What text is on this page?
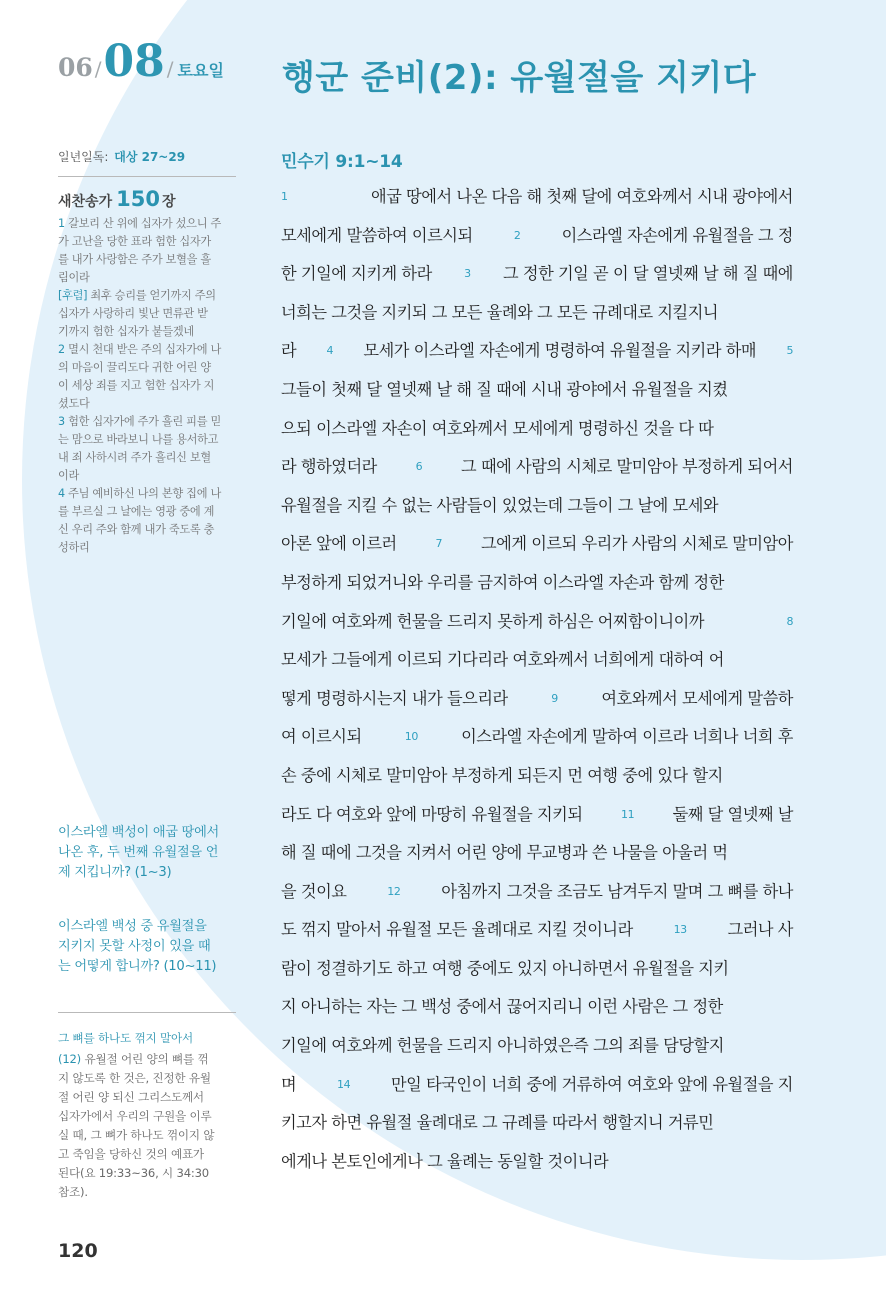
06 / 08 / 토요일 행군 준비(2): 유월절을 지키다
일년일독: 대상 27~29
새찬송가 150 장

1 갈보리 산 위에 십자가 섰으니 주

가 고난을 당한 표라 험한 십자가

를 내가 사랑함은 주가 보혈을 흘

림이라

[후렴] 최후 승리를 얻기까지 주의

십자가 사랑하리 빛난 면류관 받

기까지 험한 십자가 붙들겠네

2 멸시 천대 받은 주의 십자가에 나

의 마음이 끌리도다 귀한 어린 양

이 세상 죄를 지고 험한 십자가 지

셨도다

3 험한 십자가에 주가 흘린 피를 믿

는 맘으로 바라보니 나를 용서하고

내 죄 사하시려 주가 흘리신 보혈

이라

4 주님 예비하신 나의 본향 집에 나

를 부르실 그 날에는 영광 중에 계

신 우리 주와 함께 내가 죽도록 충

성하리

이스라엘 백성이 애굽 땅에서
나온 후, 두 번째 유월절을 언
제 지킵니까? (1~3)
이스라엘 백성 중 유월절을
지키지 못할 사정이 있을 때
는 어떻게 합니까? (10~11)
그 뼈를 하나도 꺾지 말아서
(12) 유월절 어린 양의 뼈를 꺾
지 않도록 한 것은, 진정한 유월
절 어린 양 되신 그리스도께서
십자가에서 우리의 구원을 이루
실 때, 그 뼈가 하나도 꺾이지 않
고 죽임을 당하신 것의 예표가
된다(요 19:33~36, 시 34:30
참조).
120
민수기 9:1~14
1	애굽 땅에서 나온 다음 해 첫째 달에 여호와께서 시내 광야에서
모세에게 말씀하여 이르시되	2 이스라엘 자손에게 유월절을 그 정
한 기일에 지키게 하라	3 그 정한 기일 곧 이 달 열넷째 날 해 질 때에
너희는 그것을 지키되 그 모든 율례와 그 모든 규례대로 지킬지니
라 4 모세가 이스라엘 자손에게 명령하여 유월절을 지키라 하매 5
그들이 첫째 달 열넷째 날 해 질 때에 시내 광야에서 유월절을 지켰
으되 이스라엘 자손이 여호와께서 모세에게 명령하신 것을 다 따
라 행하였더라	6 그 때에 사람의 시체로 말미암아 부정하게 되어서
유월절을 지킬 수 없는 사람들이 있었는데 그들이 그 날에 모세와
아론 앞에 이르러	7 그에게 이르되 우리가 사람의 시체로 말미암아
부정하게 되었거니와 우리를 금지하여 이스라엘 자손과 함께 정한
기일에 여호와께 헌물을 드리지 못하게 하심은 어찌함이니이까	8
모세가 그들에게 이르되 기다리라 여호와께서 너희에게 대하여 어
떻게 명령하시는지 내가 들으리라	9 여호와께서 모세에게 말씀하
여 이르시되	10 이스라엘 자손에게 말하여 이르라 너희나 너희 후
손 중에 시체로 말미암아 부정하게 되든지 먼 여행 중에 있다 할지
라도 다 여호와 앞에 마땅히 유월절을 지키되	11 둘째 달 열넷째 날
해 질 때에 그것을 지켜서 어린 양에 무교병과 쓴 나물을 아울러 먹
을 것이요	12 아침까지 그것을 조금도 남겨두지 말며 그 뼈를 하나
도 꺾지 말아서 유월절 모든 율례대로 지킬 것이니라	13 그러나 사
람이 정결하기도 하고 여행 중에도 있지 아니하면서 유월절을 지키
지 아니하는 자는 그 백성 중에서 끊어지리니 이런 사람은 그 정한
기일에 여호와께 헌물을 드리지 아니하였은즉 그의 죄를 담당할지
며	14 만일 타국인이 너희 중에 거류하여 여호와 앞에 유월절을 지
키고자 하면 유월절 율례대로 그 규례를 따라서 행할지니 거류민
에게나 본토인에게나 그 율례는 동일할 것이니라
